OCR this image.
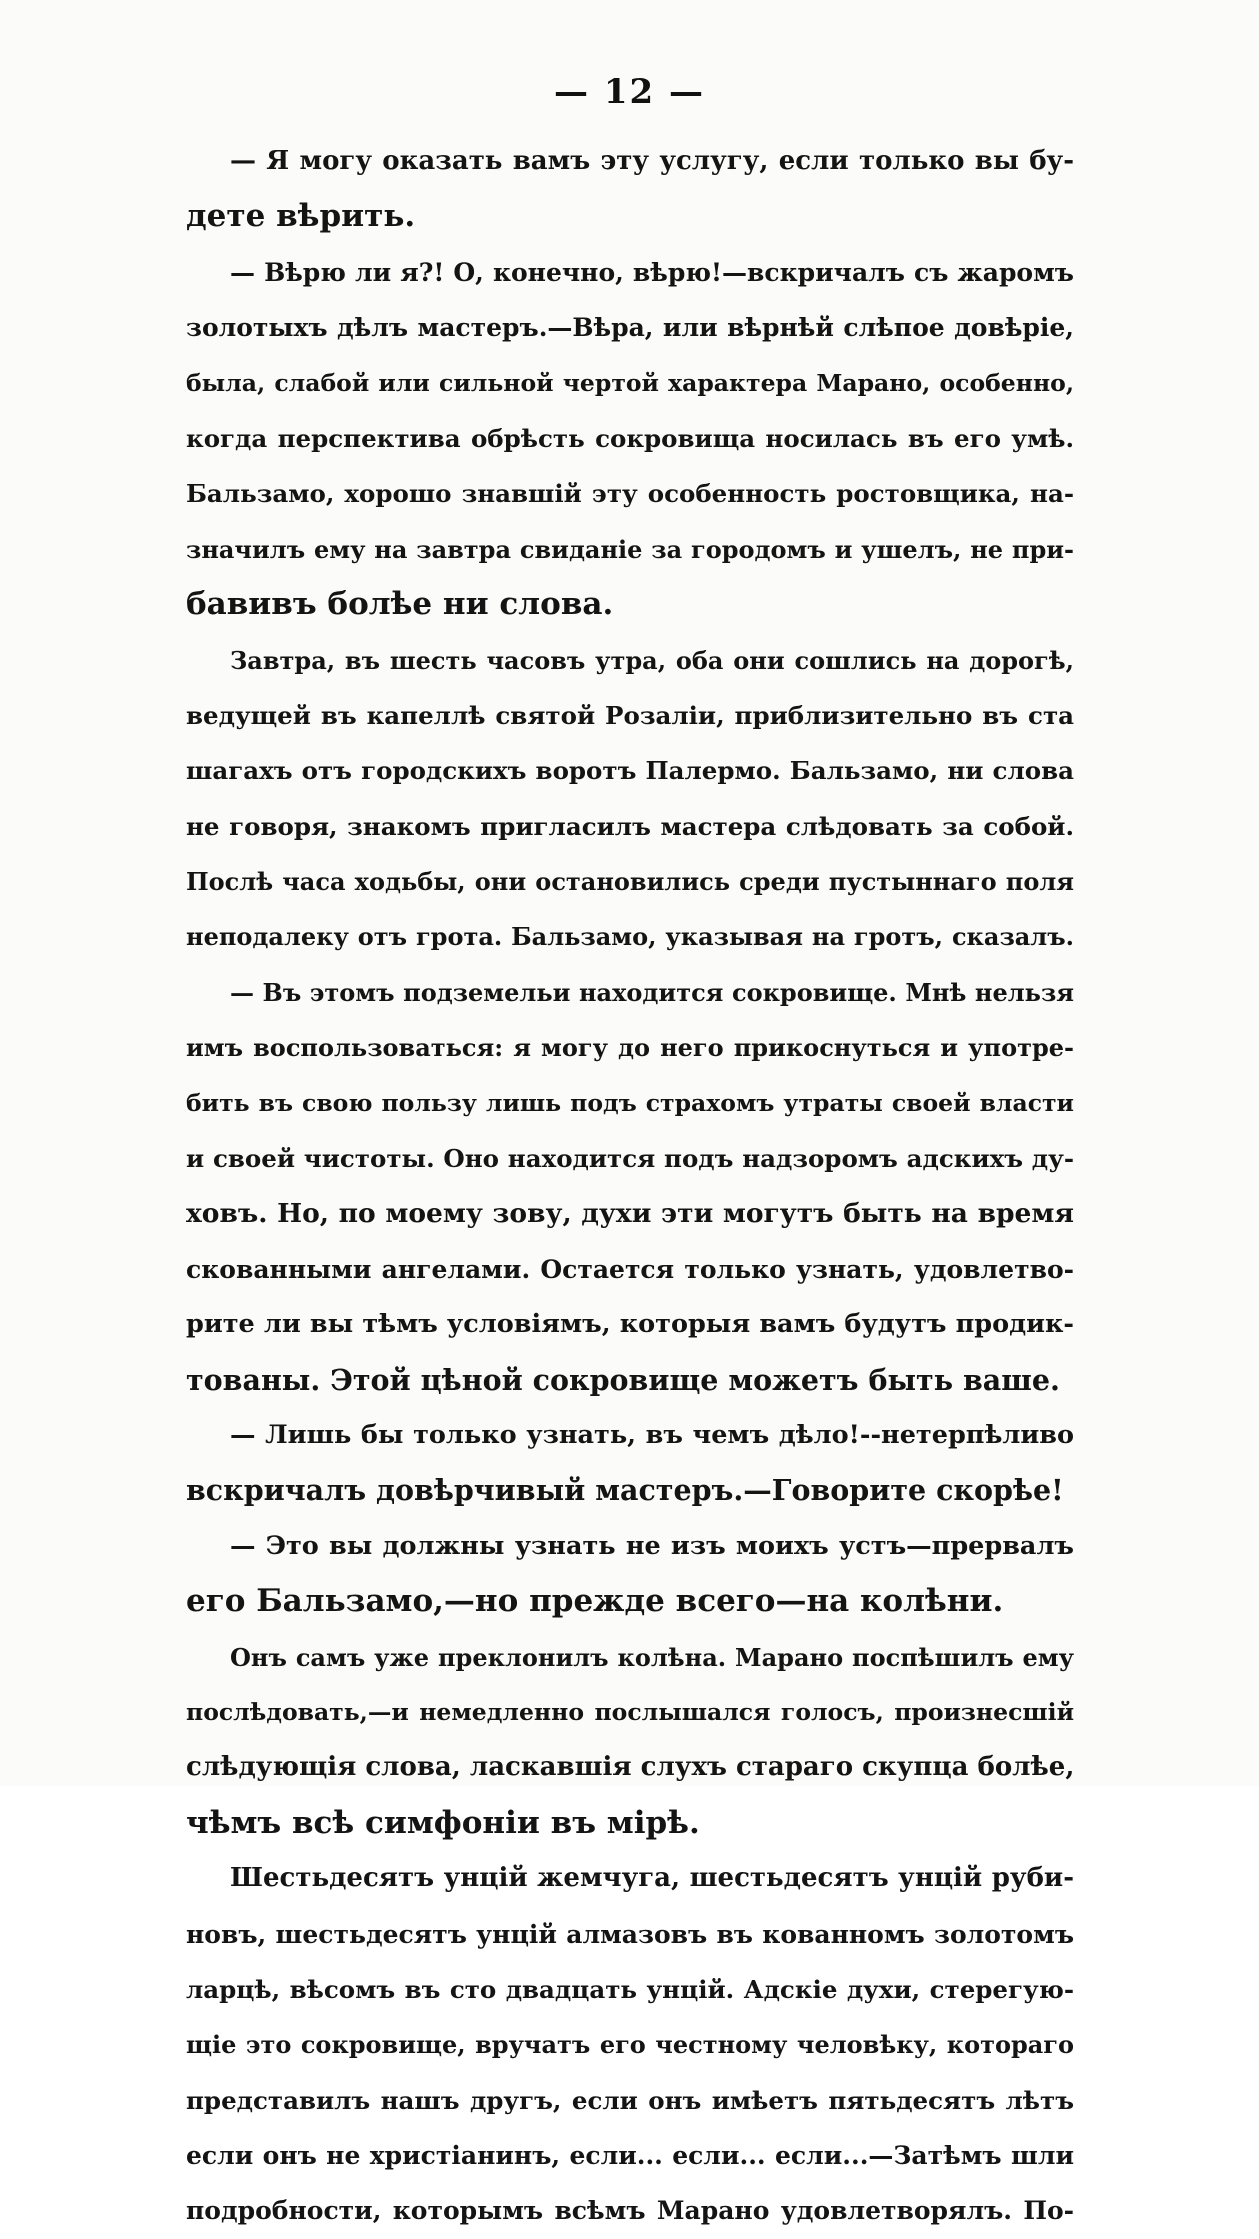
— 12 —
— Я могу оказать вамъ эту услугу, если только вы бу-
дете вѣрить.
— Вѣрю ли я?! О, конечно, вѣрю!—вскричалъ съ жаромъ
золотыхъ дѣлъ мастеръ.—Вѣра, или вѣрнѣй слѣпое довѣріе,
была, слабой или сильной чертой характера Марано, особенно,
когда перспектива обрѣсть сокровища носилась въ его умѣ.
Бальзамо, хорошо знавшій эту особенность ростовщика, на-
значилъ ему на завтра свиданіе за городомъ и ушелъ, не при-
бавивъ болѣе ни слова.
Завтра, въ шесть часовъ утра, оба они сошлись на дорогѣ,
ведущей въ капеллѣ святой Розаліи, приблизительно въ ста
шагахъ отъ городскихъ воротъ Палермо. Бальзамо, ни слова
не говоря, знакомъ пригласилъ мастера слѣдовать за собой.
Послѣ часа ходьбы, они остановились среди пустыннаго поля
неподалеку отъ грота. Бальзамо, указывая на гротъ, сказалъ.
— Въ этомъ подземельи находится сокровище. Мнѣ нельзя
имъ воспользоваться: я могу до него прикоснуться и употре-
бить въ свою пользу лишь подъ страхомъ утраты своей власти
и своей чистоты. Оно находится подъ надзоромъ адскихъ ду-
ховъ. Но, по моему зову, духи эти могутъ быть на время
скованными ангелами. Остается только узнать, удовлетво-
рите ли вы тѣмъ условіямъ, которыя вамъ будутъ продик-
тованы. Этой цѣной сокровище можетъ быть ваше.
— Лишь бы только узнать, въ чемъ дѣло!--нетерпѣливо
вскричалъ довѣрчивый мастеръ.—Говорите скорѣе!
— Это вы должны узнать не изъ моихъ устъ—прервалъ
его Бальзамо,—но прежде всего—на колѣни.
Онъ самъ уже преклонилъ колѣна. Марано поспѣшилъ ему
послѣдовать,—и немедленно послышался голосъ, произнесшій
слѣдующія слова, ласкавшія слухъ стараго скупца болѣе,
чѣмъ всѣ симфоніи въ мірѣ.
Шестьдесятъ унцій жемчуга, шестьдесятъ унцій руби-
новъ, шестьдесятъ унцій алмазовъ въ кованномъ золотомъ
ларцѣ, вѣсомъ въ сто двадцать унцій. Адскіе духи, стерегую-
щіе это сокровище, вручатъ его честному человѣку, котораго
представилъ нашъ другъ, если онъ имѣетъ пятьдесятъ лѣтъ
если онъ не христіанинъ, если... если... если...—Затѣмъ шли
подробности, которымъ всѣмъ Марано удовлетворялъ. По-
